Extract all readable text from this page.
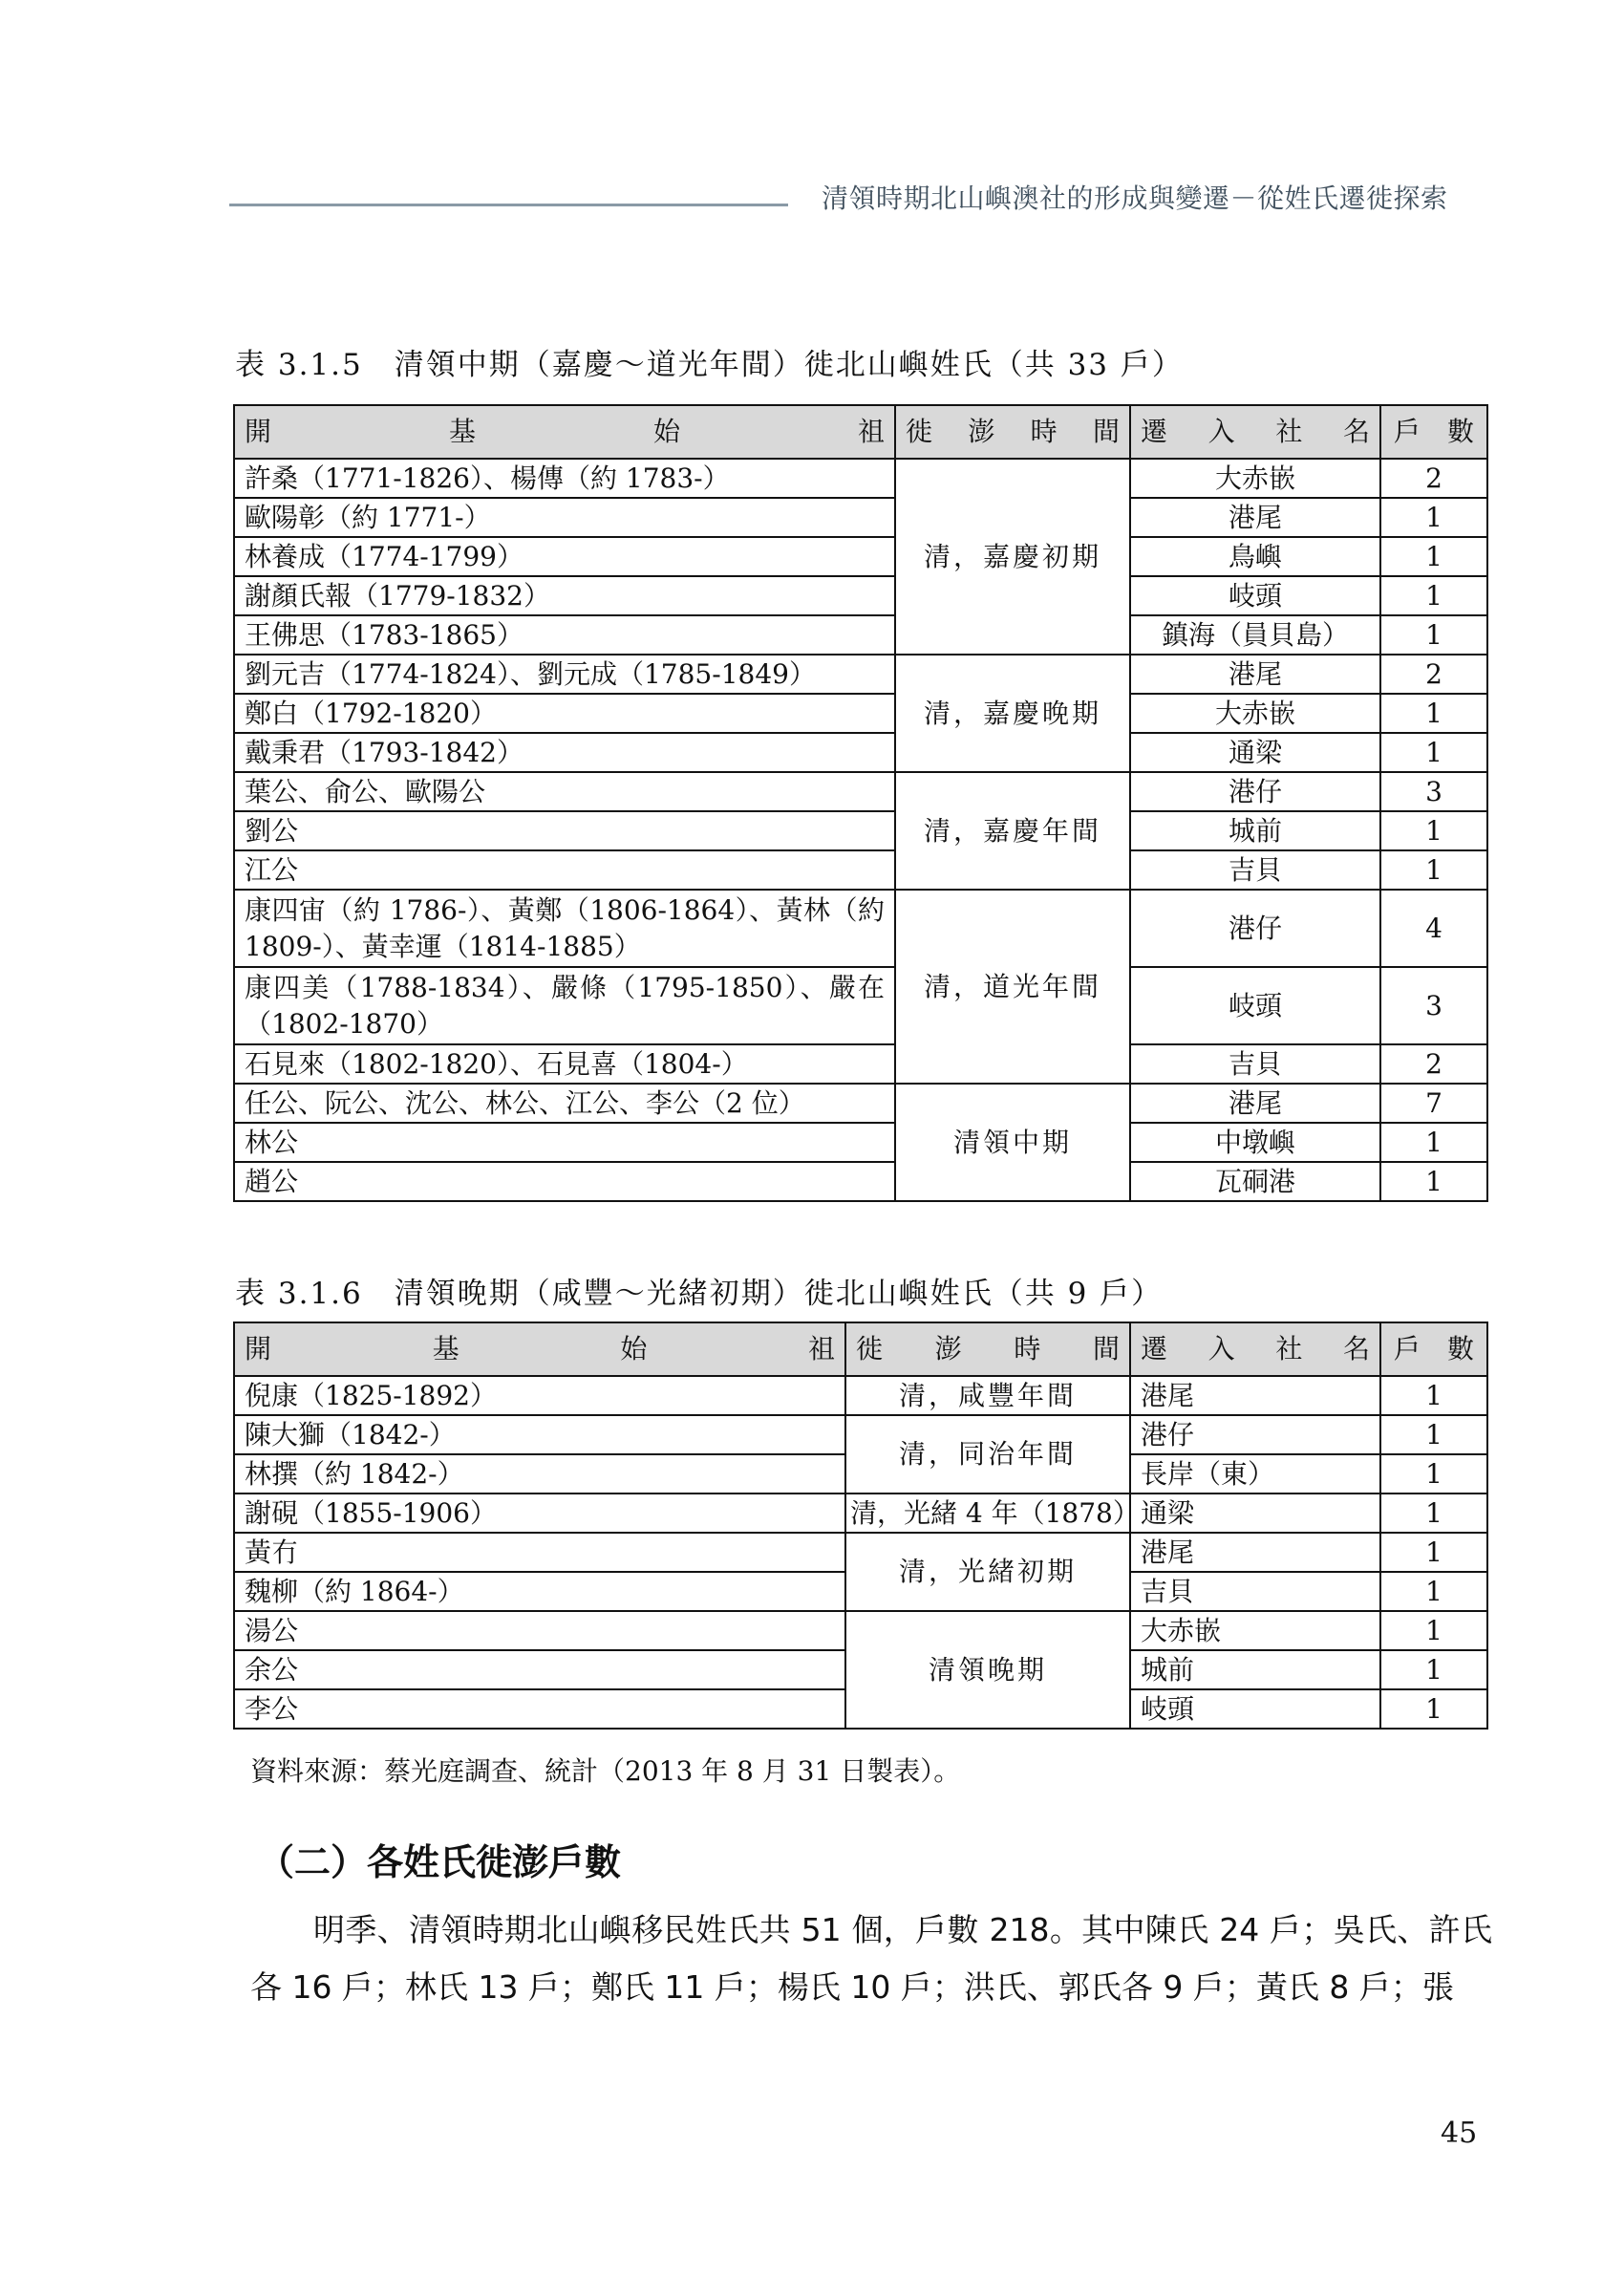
清領時期北山嶼澳社的形成與變遷－從姓氏遷徙探索
表 3.1.5　清領中期（嘉慶～道光年間）徙北山嶼姓氏（共 33 戶）
開 基 始 祖	徙 澎 時 間	遷 入 社 名	戶　數
許桑（1771-1826）、楊傳（約 1783-）	清，嘉慶初期	大赤嵌	2
歐陽彰（約 1771-）		港尾	1
林養成（1774-1799）		鳥嶼	1
謝顏氏報（1779-1832）		岐頭	1
王佛思（1783-1865）		鎮海（員貝島）	1
劉元吉（1774-1824）、劉元成（1785-1849）	清，嘉慶晚期	港尾	2
鄭白（1792-1820）		大赤嵌	1
戴秉君（1793-1842）		通梁	1
葉公、俞公、歐陽公	清，嘉慶年間	港仔	3
劉公		城前	1
江公		吉貝	1
康四宙（約 1786-）、黃鄭（1806-1864）、黃林（約 1809-）、黃幸運（1814-1885）	清，道光年間	港仔	4
康四美（1788-1834）、嚴條（1795-1850）、嚴在（1802-1870）		岐頭	3
石見來（1802-1820）、石見喜（1804-）		吉貝	2
任公、阮公、沈公、林公、江公、李公（2 位）	清領中期	港尾	7
林公		中墩嶼	1
趙公		瓦硐港	1
表 3.1.6　清領晚期（咸豐～光緒初期）徙北山嶼姓氏（共 9 戶）
開 基 始 祖	徙 澎 時 間	遷 入 社 名	戶　數
倪康（1825-1892）	清，咸豐年間	港尾	1
陳大獅（1842-）	清，同治年間	港仔	1
林撰（約 1842-）		長岸（東）	1
謝硯（1855-1906）	清，光緒 4 年（1878）	通梁	1
黃冇	清，光緒初期	港尾	1
魏柳（約 1864-）		吉貝	1
湯公	清領晚期	大赤嵌	1
余公		城前	1
李公		岐頭	1
資料來源：蔡光庭調查、統計（2013 年 8 月 31 日製表）。
（二）各姓氏徙澎戶數

明季、清領時期北山嶼移民姓氏共 51 個，戶數 218。其中陳氏 24 戶；吳氏、許氏各 16 戶；林氏 13 戶；鄭氏 11 戶；楊氏 10 戶；洪氏、郭氏各 9 戶；黃氏 8 戶；張

45
